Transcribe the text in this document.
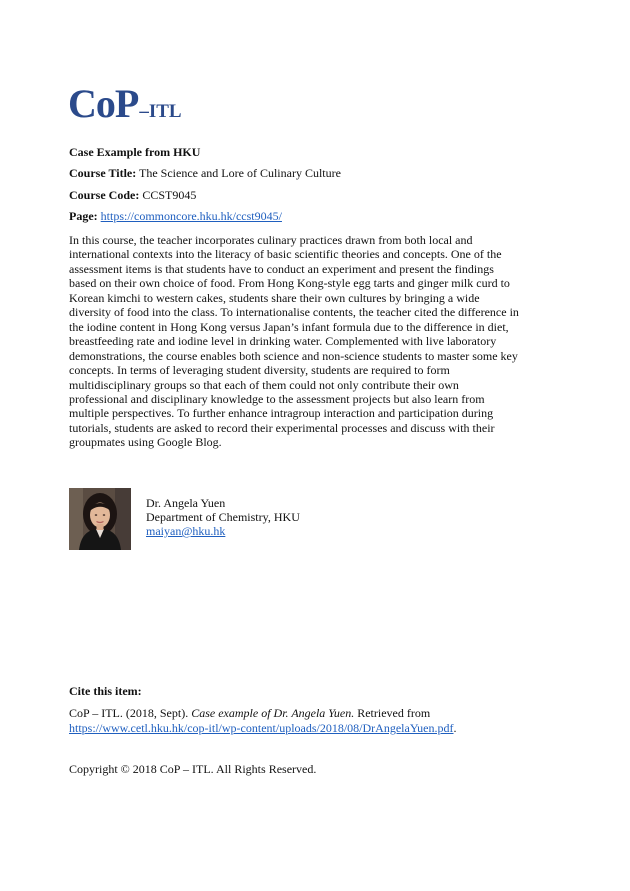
CoP –ITL
Case Example from HKU
Course Title: The Science and Lore of Culinary Culture
Course Code: CCST9045
Page: https://commoncore.hku.hk/ccst9045/
In this course, the teacher incorporates culinary practices drawn from both local and
international contexts into the literacy of basic scientific theories and concepts. One of the
assessment items is that students have to conduct an experiment and present the findings
based on their own choice of food. From Hong Kong-style egg tarts and ginger milk curd to
Korean kimchi to western cakes, students share their own cultures by bringing a wide
diversity of food into the class. To internationalise contents, the teacher cited the difference in
the iodine content in Hong Kong versus Japan’s infant formula due to the difference in diet,
breastfeeding rate and iodine level in drinking water. Complemented with live laboratory
demonstrations, the course enables both science and non-science students to master some key
concepts. In terms of leveraging student diversity, students are required to form
multidisciplinary groups so that each of them could not only contribute their own
professional and disciplinary knowledge to the assessment projects but also learn from
multiple perspectives. To further enhance intragroup interaction and participation during
tutorials, students are asked to record their experimental processes and discuss with their
groupmates using Google Blog.
Dr. Angela Yuen
Department of Chemistry, HKU
maiyan@hku.hk
Cite this item:
CoP – ITL. (2018, Sept). Case example of Dr. Angela Yuen. Retrieved from
https://www.cetl.hku.hk/cop-itl/wp-content/uploads/2018/08/DrAngelaYuen.pdf.
Copyright © 2018 CoP – ITL. All Rights Reserved.
